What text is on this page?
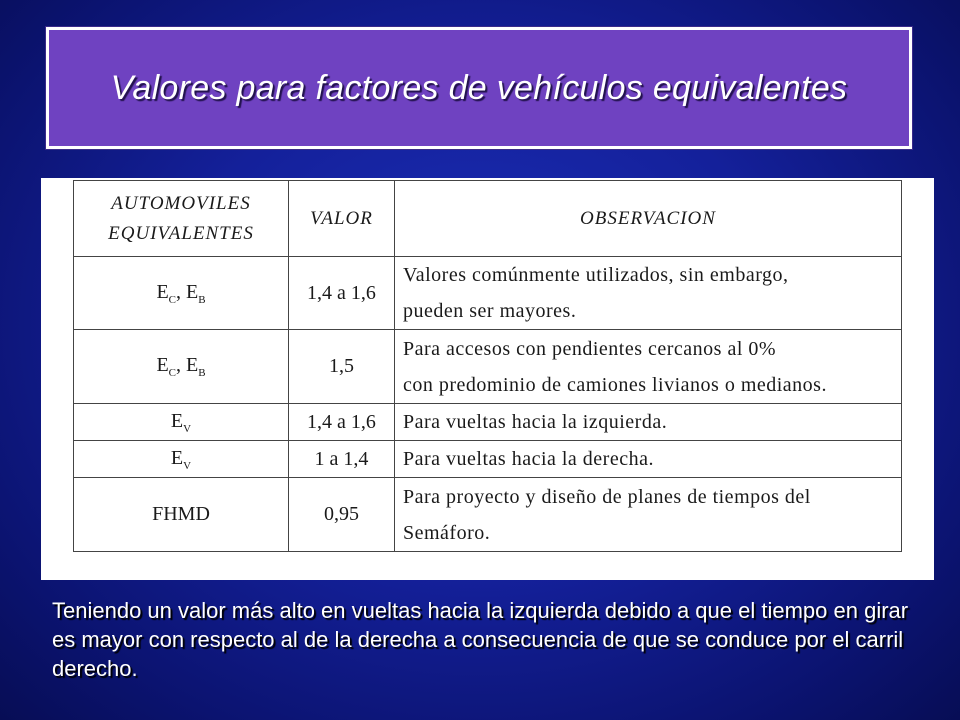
Valores para factores de vehículos equivalentes
AUTOMOVILES
EQUIVALENTES	VALOR	OBSERVACION
$E_C$, $E_B$	1,4 a 1,6	Valores comúnmente utilizados, sin embargo,
pueden ser mayores.
$E_C$, $E_B$	1,5	Para accesos con pendientes cercanos al 0%
con predominio de camiones livianos o medianos.
$E_V$	1,4 a 1,6	Para vueltas hacia la izquierda.
$E_V$	1 a 1,4	Para vueltas hacia la derecha.
FHMD	0,95	Para proyecto y diseño de planes de tiempos del
Semáforo.
Teniendo un valor más alto en vueltas hacia la izquierda debido a que el tiempo en girar es mayor con respecto al de la derecha a consecuencia de que se conduce por el carril derecho.
